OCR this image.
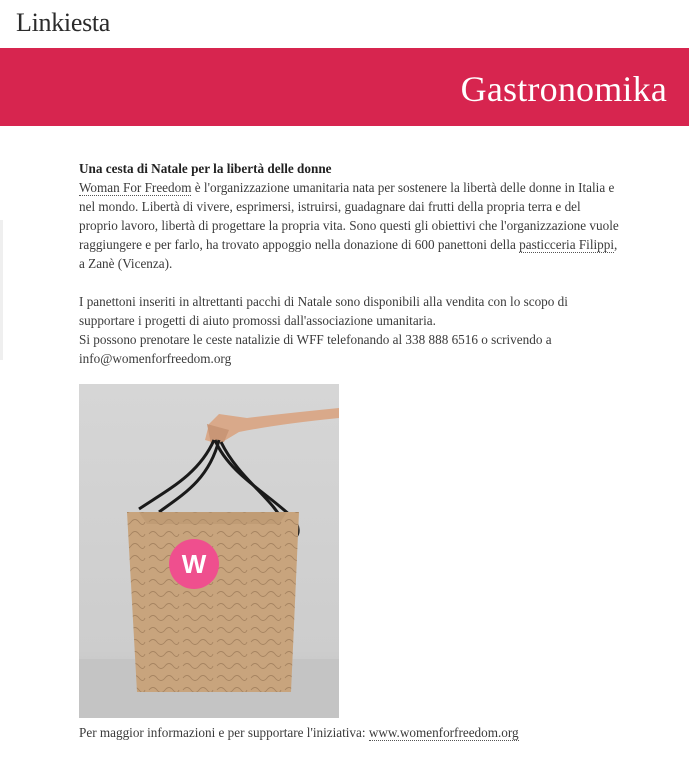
Linkiesta
Gastronomika
Una cesta di Natale per la libertà delle donne

Woman For Freedom è l'organizzazione umanitaria nata per sostenere la libertà delle donne in Italia e nel mondo. Libertà di vivere, esprimersi, istruirsi, guadagnare dai frutti della propria terra e del proprio lavoro, libertà di progettare la propria vita. Sono questi gli obiettivi che l'organizzazione vuole raggiungere e per farlo, ha trovato appoggio nella donazione di 600 panettoni della pasticceria Filippi, a Zanè (Vicenza).

I panettoni inseriti in altrettanti pacchi di Natale sono disponibili alla vendita con lo scopo di supportare i progetti di aiuto promossi dall'associazione umanitaria.

Si possono prenotare le ceste natalizie di WFF telefonando al 338 888 6516 o scrivendo a info@womenforfreedom.org

W
Per maggior informazioni e per supportare l'iniziativa: www.womenforfreedom.org
